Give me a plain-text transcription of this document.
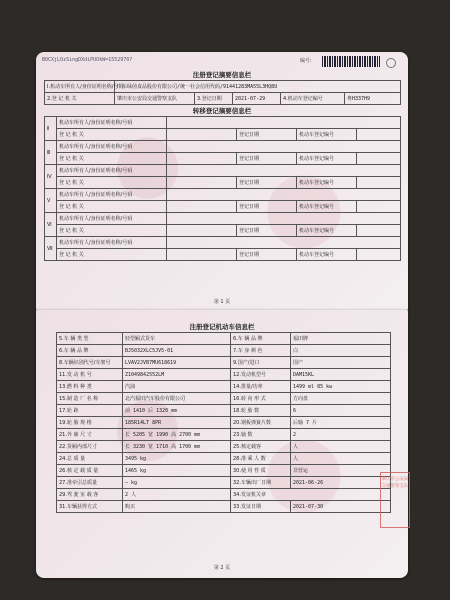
BOCXjLOzSingDXdiPUOkW=1552970?	编号:
注册登记摘要信息栏
I.机动车所有人/身份证明名称/号码	广东绿茵食品股份有限公司/统一社会信用代码/91441283MA55L3HQ8U				
2.登 记 机 关	肇庆市公安局交通警察支队	3.登记日期	2021-07-29	4.机动车登记编号	粤H337H9
转移登记摘要信息栏
Ⅱ	机动车所有人/身份证明名称/号码				
	登 记 机 关		登记日期	机动车登记编号	
Ⅲ	机动车所有人/身份证明名称/号码				
	登 记 机 关		登记日期	机动车登记编号	
Ⅳ	机动车所有人/身份证明名称/号码				
	登 记 机 关		登记日期	机动车登记编号	
Ⅴ	机动车所有人/身份证明名称/号码				
	登 记 机 关		登记日期	机动车登记编号	
Ⅵ	机动车所有人/身份证明名称/号码				
	登 记 机 关		登记日期	机动车登记编号	
Ⅶ	机动车所有人/身份证明名称/号码				
	登 记 机 关		登记日期	机动车登记编号	
第 1 页
注册登记机动车信息栏
5.车 辆 类 型	轻型厢式货车	6.车 辆 品 牌	福田牌
6.车 辆 品 牌	BJ5032XLC5JV5-01	7.车 身 颜 色	白
8.车辆识别代号/车架号	LVAV2JVB7MU618619	9.国产/进口	国产
11.发 动 机 号	Z1049842552LM	12.发动机型号	DAM15KL
13.燃 料 种 类	汽油	14.排量/功率	1499 ml 85 kw
15.制 造 厂 名 称	北汽福田汽车股份有限公司	16.转 向 形 式	方向盘
17.轮 距	前 1410 后 1320 mm	18.轮 胎 数	6
19.轮 胎 规 格	185R14LT 8PR	20.钢板弹簧片数	后轴 7 片
21.外 廓 尺 寸	长 5205 宽 1990 高 2700 mm	23.轴 数	2
22.货厢内部尺寸	长 3230 宽 1710 高 1700 mm	25.核定载客	人
24.总 质 量	3495 kg	28.准 乘 人 数	人
26.核 定 载 质 量	1465 kg	30.使 用 性 质	非营运
27.准牵引总质量	— kg	32.车辆出厂日期	2021-06-26
29.驾 驶 室 载 客	2 人	34.发证机关章	
31.车辆获得方式	购买	33.发证日期	2021-07-30
肇庆市公安局交通警察支队
第 2 页
